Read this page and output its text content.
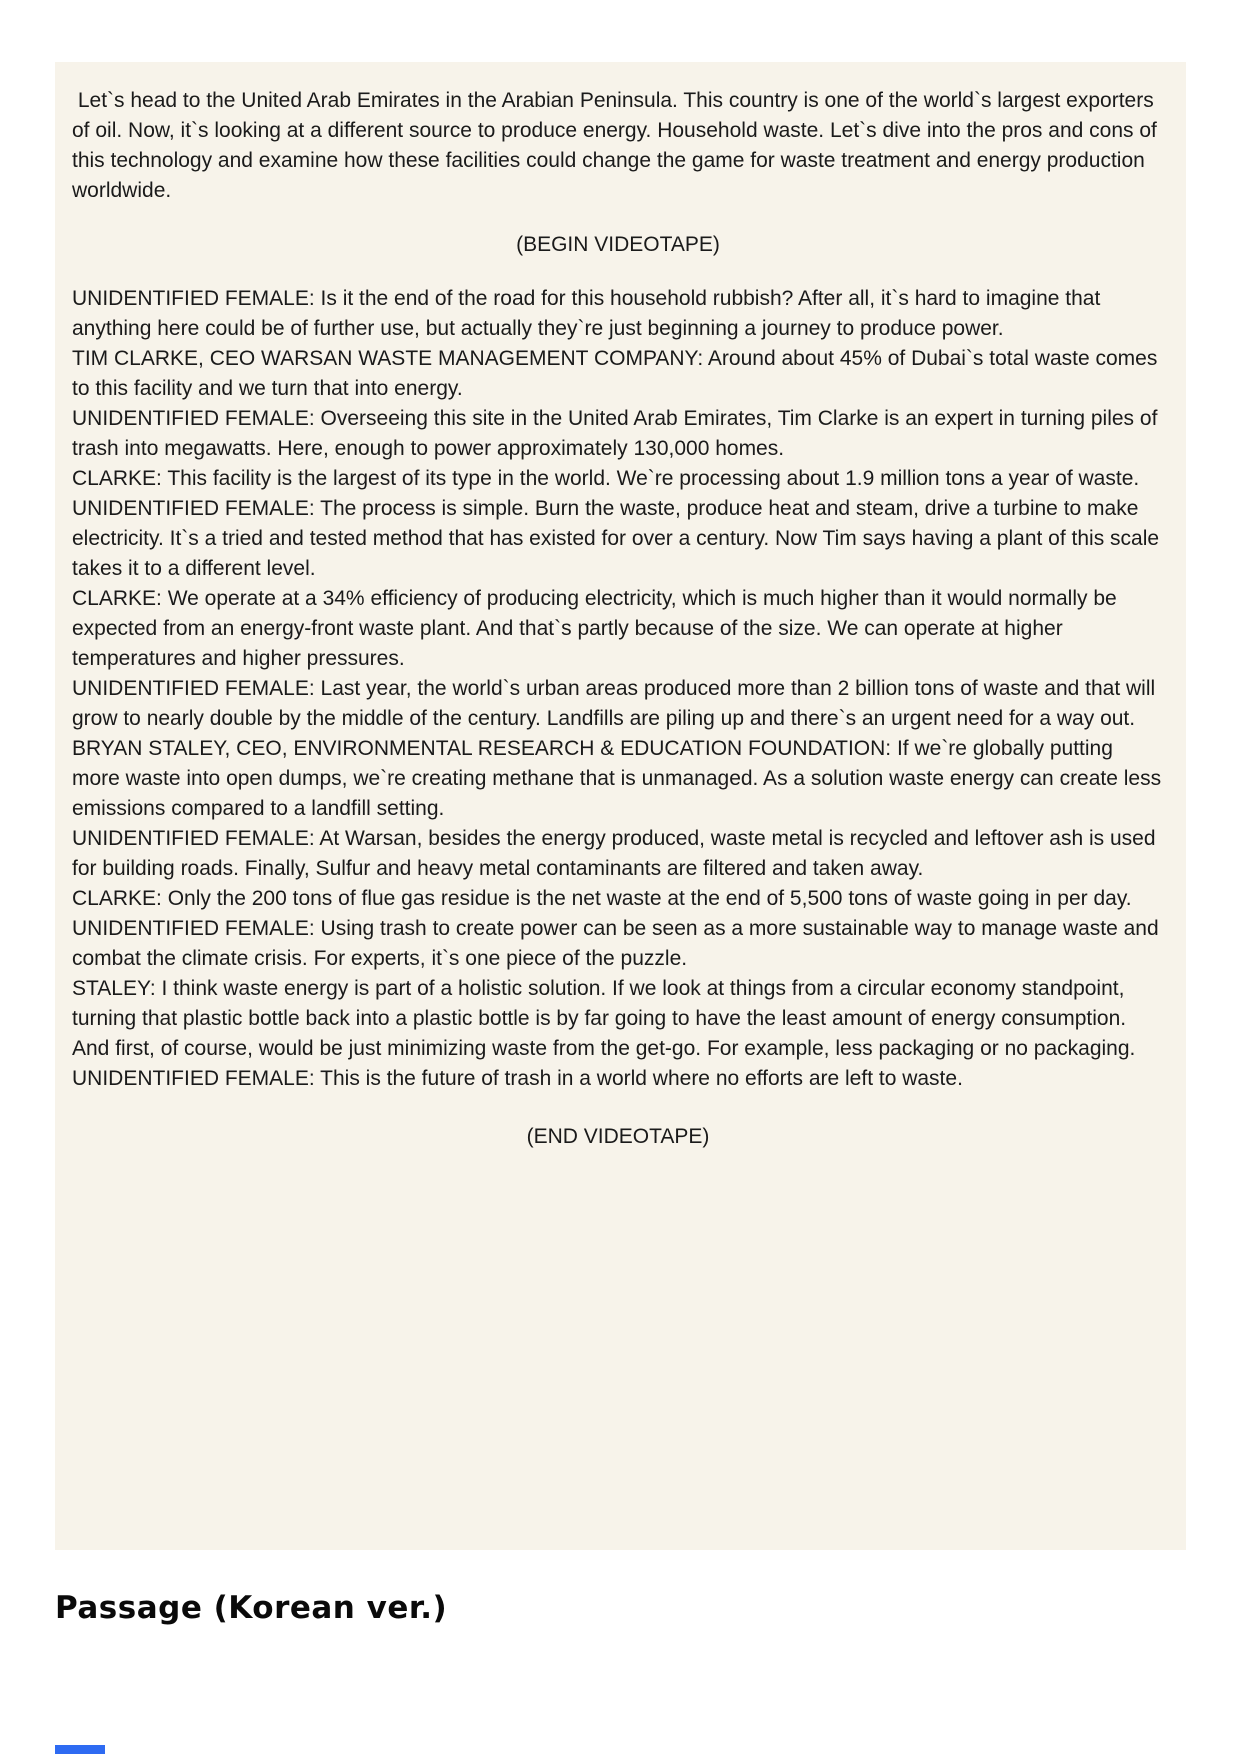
Let`s head to the United Arab Emirates in the Arabian Peninsula. This country is one of the world`s largest exporters of oil. Now, it`s looking at a different source to produce energy. Household waste. Let`s dive into the pros and cons of this technology and examine how these facilities could change the game for waste treatment and energy production worldwide.

(BEGIN VIDEOTAPE)

UNIDENTIFIED FEMALE: Is it the end of the road for this household rubbish? After all, it`s hard to imagine that anything here could be of further use, but actually they`re just beginning a journey to produce power.

TIM CLARKE, CEO WARSAN WASTE MANAGEMENT COMPANY: Around about 45% of Dubai`s total waste comes to this facility and we turn that into energy.

UNIDENTIFIED FEMALE: Overseeing this site in the United Arab Emirates, Tim Clarke is an expert in turning piles of trash into megawatts. Here, enough to power approximately 130,000 homes.

CLARKE: This facility is the largest of its type in the world. We`re processing about 1.9 million tons a year of waste.

UNIDENTIFIED FEMALE: The process is simple. Burn the waste, produce heat and steam, drive a turbine to make electricity. It`s a tried and tested method that has existed for over a century. Now Tim says having a plant of this scale takes it to a different level.

CLARKE: We operate at a 34% efficiency of producing electricity, which is much higher than it would normally be expected from an energy-front waste plant. And that`s partly because of the size. We can operate at higher temperatures and higher pressures.

UNIDENTIFIED FEMALE: Last year, the world`s urban areas produced more than 2 billion tons of waste and that will grow to nearly double by the middle of the century. Landfills are piling up and there`s an urgent need for a way out.

BRYAN STALEY, CEO, ENVIRONMENTAL RESEARCH & EDUCATION FOUNDATION: If we`re globally putting more waste into open dumps, we`re creating methane that is unmanaged. As a solution waste energy can create less emissions compared to a landfill setting.

UNIDENTIFIED FEMALE: At Warsan, besides the energy produced, waste metal is recycled and leftover ash is used for building roads. Finally, Sulfur and heavy metal contaminants are filtered and taken away.

CLARKE: Only the 200 tons of flue gas residue is the net waste at the end of 5,500 tons of waste going in per day.

UNIDENTIFIED FEMALE: Using trash to create power can be seen as a more sustainable way to manage waste and combat the climate crisis. For experts, it`s one piece of the puzzle.

STALEY: I think waste energy is part of a holistic solution. If we look at things from a circular economy standpoint, turning that plastic bottle back into a plastic bottle is by far going to have the least amount of energy consumption. And first, of course, would be just minimizing waste from the get-go. For example, less packaging or no packaging.

UNIDENTIFIED FEMALE: This is the future of trash in a world where no efforts are left to waste.

(END VIDEOTAPE)

Passage (Korean ver.)
